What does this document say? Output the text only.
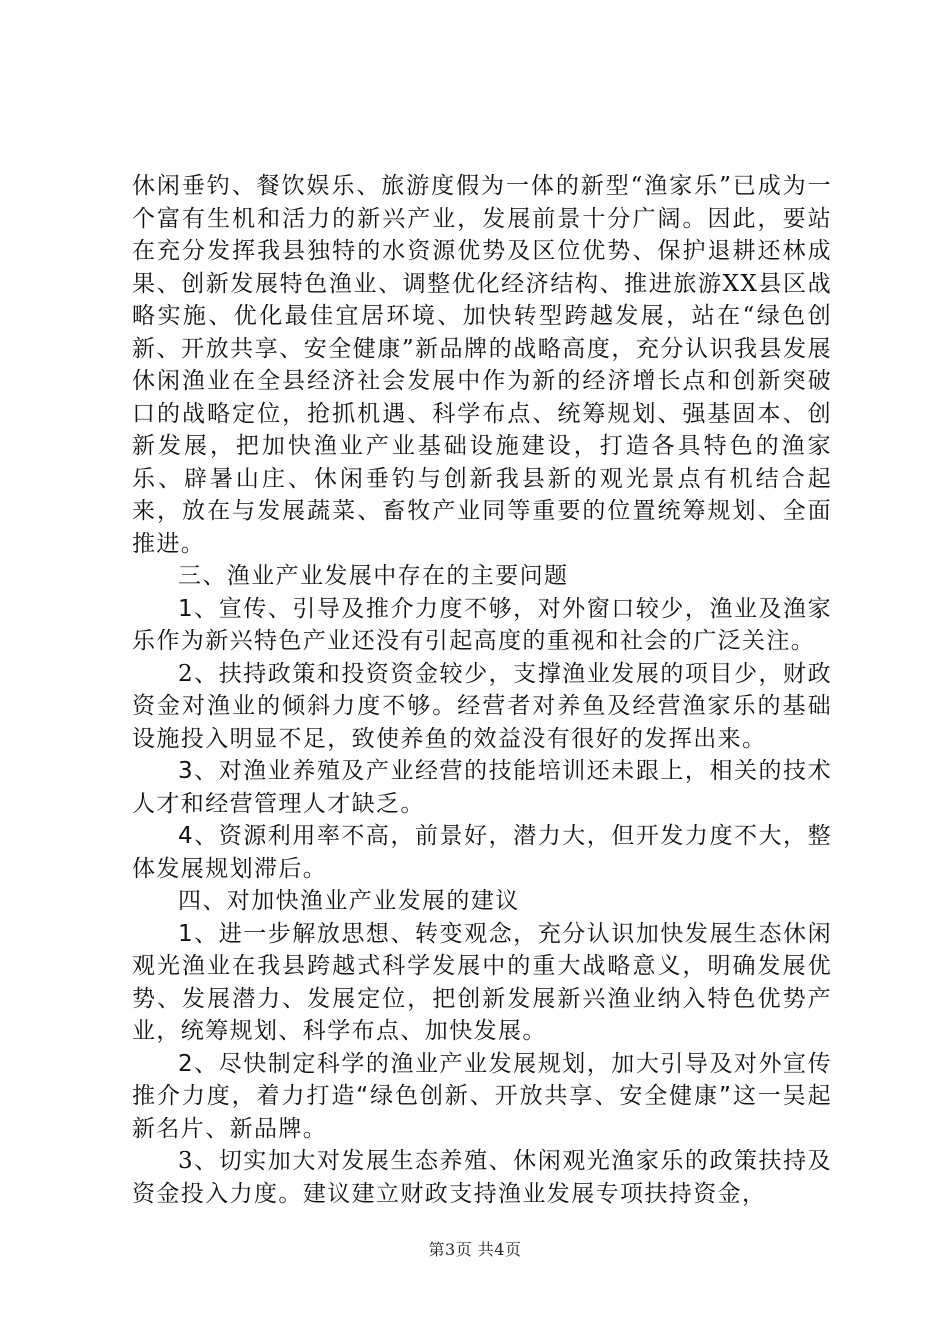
休闲垂钓、餐饮娱乐、旅游度假为一体的新型“渔家乐”已成为一个富有生机和活力的新兴产业，发展前景十分广阔。因此，要站在充分发挥我县独特的水资源优势及区位优势、保护退耕还林成果、创新发展特色渔业、调整优化经济结构、推进旅游XX县区战略实施、优化最佳宜居环境、加快转型跨越发展，站在“绿色创新、开放共享、安全健康”新品牌的战略高度，充分认识我县发展休闲渔业在全县经济社会发展中作为新的经济增长点和创新突破口的战略定位，抢抓机遇、科学布点、统筹规划、强基固本、创新发展，把加快渔业产业基础设施建设，打造各具特色的渔家乐、辟暑山庄、休闲垂钓与创新我县新的观光景点有机结合起来，放在与发展蔬菜、畜牧产业同等重要的位置统筹规划、全面推进。

三、渔业产业发展中存在的主要问题

1、宣传、引导及推介力度不够，对外窗口较少，渔业及渔家乐作为新兴特色产业还没有引起高度的重视和社会的广泛关注。

2、扶持政策和投资资金较少，支撑渔业发展的项目少，财政资金对渔业的倾斜力度不够。经营者对养鱼及经营渔家乐的基础设施投入明显不足，致使养鱼的效益没有很好的发挥出来。

3、对渔业养殖及产业经营的技能培训还未跟上，相关的技术人才和经营管理人才缺乏。

4、资源利用率不高，前景好，潜力大，但开发力度不大，整体发展规划滞后。

四、对加快渔业产业发展的建议

1、进一步解放思想、转变观念，充分认识加快发展生态休闲观光渔业在我县跨越式科学发展中的重大战略意义，明确发展优势、发展潜力、发展定位，把创新发展新兴渔业纳入特色优势产业，统筹规划、科学布点、加快发展。

2、尽快制定科学的渔业产业发展规划，加大引导及对外宣传推介力度，着力打造“绿色创新、开放共享、安全健康”这一吴起新名片、新品牌。

3、切实加大对发展生态养殖、休闲观光渔家乐的政策扶持及资金投入力度。建议建立财政支持渔业发展专项扶持资金，

第3页 共4页
